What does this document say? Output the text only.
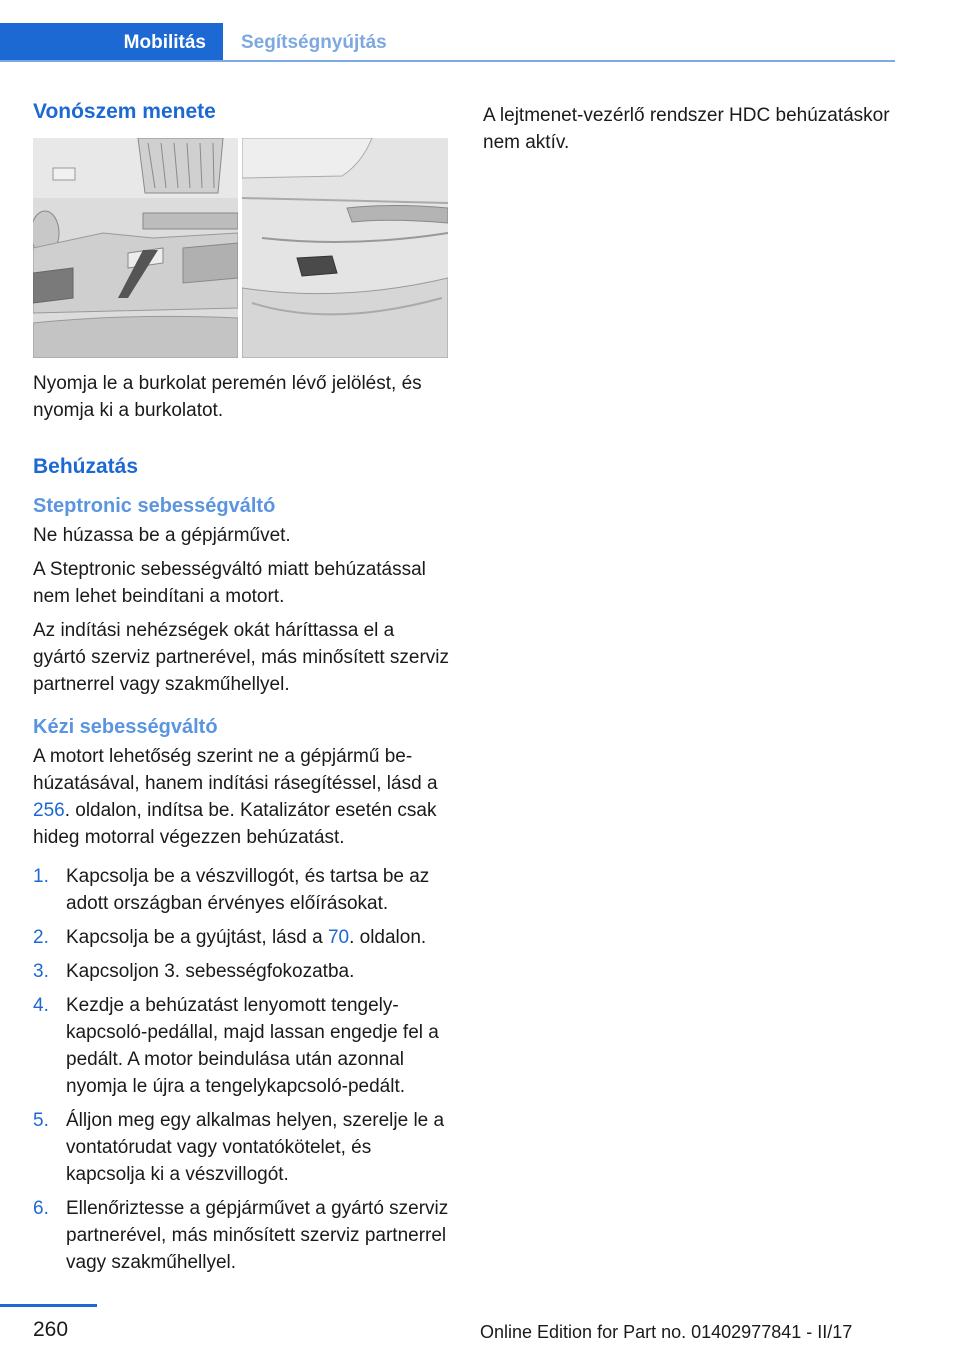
Mobilitás	Segítségnyújtás
Vonószem menete

Nyomja le a burkolat peremén lévő jelölést, és nyomja ki a burkolatot.

Behúzatás
Steptronic sebességváltó

Ne húzassa be a gépjárművet.

A Steptronic sebességváltó miatt behúzatással nem lehet beindítani a motort.

Az indítási nehézségek okát háríttassa el a gyártó szerviz partnerével, más minősített szerviz partnerrel vagy szakműhellyel.

Kézi sebességváltó

A motort lehetőség szerint ne a gépjármű behúzatásával, hanem indítási rásegítéssel, lásd a 256. oldalon, indítsa be. Katalizátor esetén csak hideg motorral végezzen behúzatást.

1. Kapcsolja be a vészvillogót, és tartsa be az adott országban érvényes előírásokat.
2. Kapcsolja be a gyújtást, lásd a 70. oldalon.
3. Kapcsoljon 3. sebességfokozatba.
4. Kezdje a behúzatást lenyomott tengelykapcsoló-pedállal, majd lassan engedje fel a pedált. A motor beindulása után azonnal nyomja le újra a tengelykapcsoló-pedált.
5. Álljon meg egy alkalmas helyen, szerelje le a vontatórudat vagy vontatókötelet, és kapcsolja ki a vészvillogót.
6. Ellenőriztesse a gépjárművet a gyártó szerviz partnerével, más minősített szerviz partnerrel vagy szakműhellyel.

A lejtmenet-vezérlő rendszer HDC behúzatáskor nem aktív.

260	Online Edition for Part no. 01402977841 - II/17
